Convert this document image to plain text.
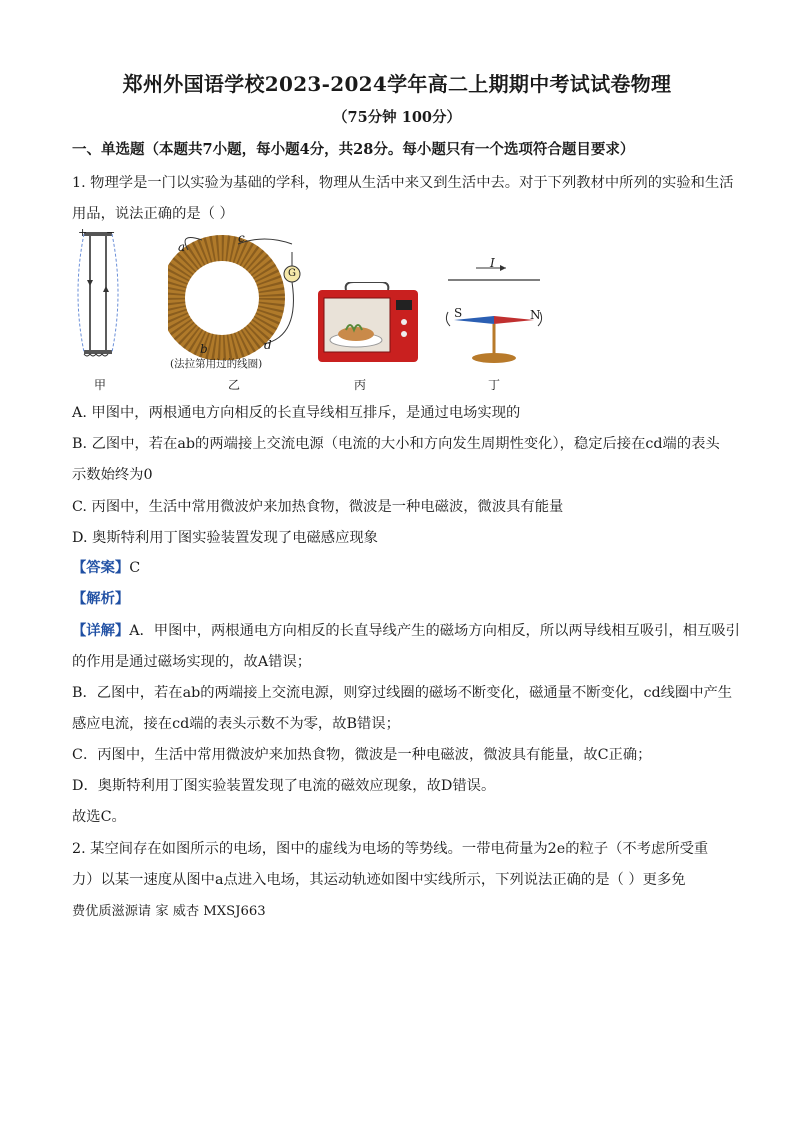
郑州外国语学校2023-2024学年高二上期期中考试试卷物理
（75分钟 100分）
一、单选题（本题共7小题，每小题4分，共28分。每小题只有一个选项符合题目要求）
1. 物理学是一门以实验为基础的学科，物理从生活中来又到生活中去。对于下列教材中所列的实验和生活
用品，说法正确的是（ ）
+ −
甲
a
c
G
b	d
(法拉第用过的线圈)
乙	丙
I
S	N
丁
A. 甲图中，两根通电方向相反的长直导线相互排斥，是通过电场实现的
B. 乙图中，若在ab的两端接上交流电源（电流的大小和方向发生周期性变化），稳定后接在cd端的表头
示数始终为0
C. 丙图中，生活中常用微波炉来加热食物，微波是一种电磁波，微波具有能量
D. 奥斯特利用丁图实验装置发现了电磁感应现象
【答案】C
【解析】
【详解】A．甲图中，两根通电方向相反的长直导线产生的磁场方向相反，所以两导线相互吸引，相互吸引
的作用是通过磁场实现的，故A错误；
B．乙图中，若在ab的两端接上交流电源，则穿过线圈的磁场不断变化，磁通量不断变化，cd线圈中产生
感应电流，接在cd端的表头示数不为零，故B错误；
C．丙图中，生活中常用微波炉来加热食物，微波是一种电磁波，微波具有能量，故C正确；
D．奥斯特利用丁图实验装置发现了电流的磁效应现象，故D错误。
故选C。
2. 某空间存在如图所示的电场，图中的虚线为电场的等势线。一带电荷量为2e的粒子（不考虑所受重
力）以某一速度从图中a点进入电场，其运动轨迹如图中实线所示，下列说法正确的是（ ）更多免
费优质滋源请 家 威杏 MXSJ663
